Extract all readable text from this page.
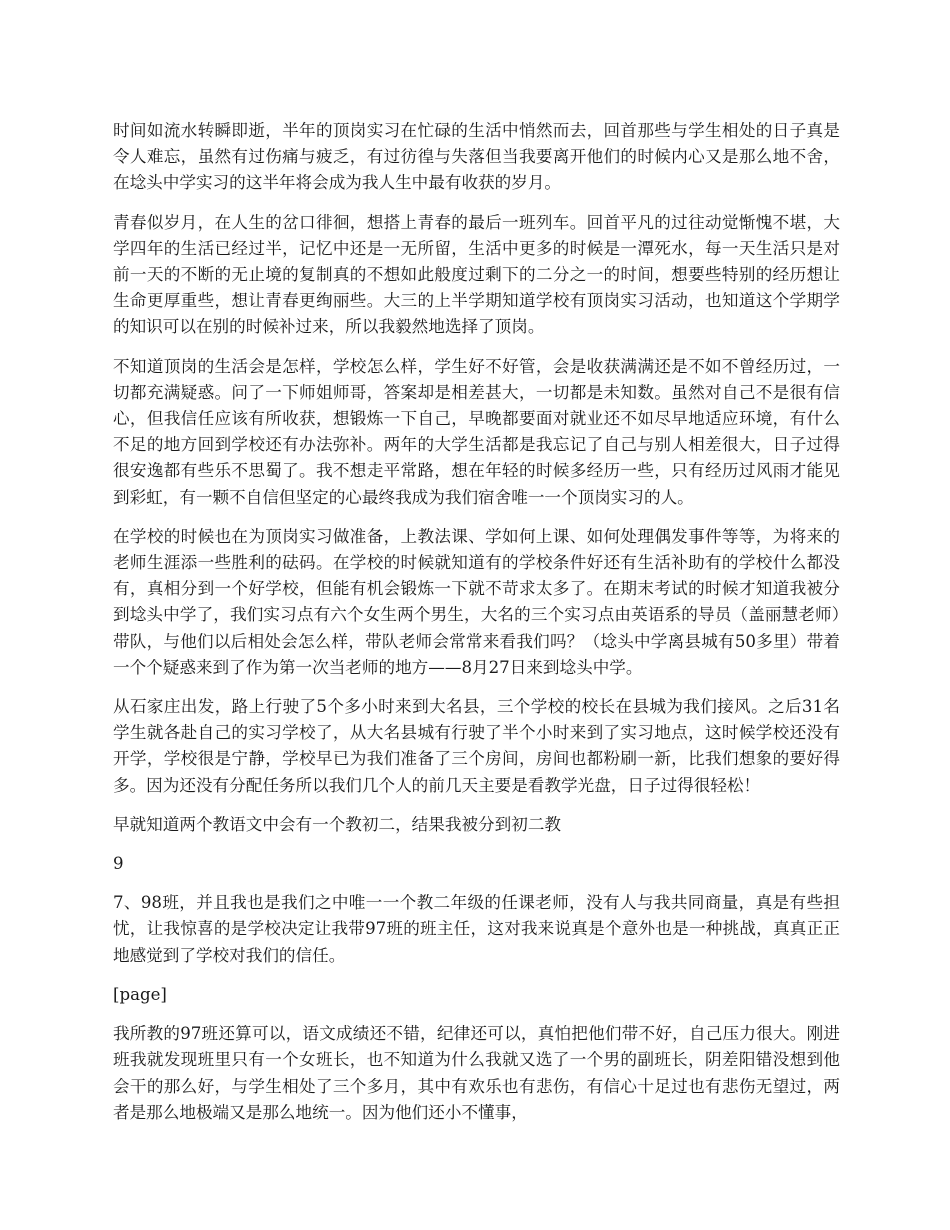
时间如流水转瞬即逝，半年的顶岗实习在忙碌的生活中悄然而去，回首那些与学生相处的日子真是令人难忘，虽然有过伤痛与疲乏，有过彷徨与失落但当我要离开他们的时候内心又是那么地不舍，在埝头中学实习的这半年将会成为我人生中最有收获的岁月。

青春似岁月，在人生的岔口徘徊，想搭上青春的最后一班列车。回首平凡的过往动觉惭愧不堪，大学四年的生活已经过半，记忆中还是一无所留，生活中更多的时候是一潭死水，每一天生活只是对前一天的不断的无止境的复制真的不想如此般度过剩下的二分之一的时间，想要些特别的经历想让生命更厚重些，想让青春更绚丽些。大三的上半学期知道学校有顶岗实习活动，也知道这个学期学的知识可以在别的时候补过来，所以我毅然地选择了顶岗。

不知道顶岗的生活会是怎样，学校怎么样，学生好不好管，会是收获满满还是不如不曾经历过，一切都充满疑惑。问了一下师姐师哥，答案却是相差甚大，一切都是未知数。虽然对自己不是很有信心，但我信任应该有所收获，想锻炼一下自己，早晚都要面对就业还不如尽早地适应环境，有什么不足的地方回到学校还有办法弥补。两年的大学生活都是我忘记了自己与别人相差很大，日子过得很安逸都有些乐不思蜀了。我不想走平常路，想在年轻的时候多经历一些，只有经历过风雨才能见到彩虹，有一颗不自信但坚定的心最终我成为我们宿舍唯一一个顶岗实习的人。

在学校的时候也在为顶岗实习做准备，上教法课、学如何上课、如何处理偶发事件等等，为将来的老师生涯添一些胜利的砝码。在学校的时候就知道有的学校条件好还有生活补助有的学校什么都没有，真相分到一个好学校，但能有机会锻炼一下就不苛求太多了。在期末考试的时候才知道我被分到埝头中学了，我们实习点有六个女生两个男生，大名的三个实习点由英语系的导员（盖丽慧老师）带队，与他们以后相处会怎么样，带队老师会常常来看我们吗？（埝头中学离县城有50多里）带着一个个疑惑来到了作为第一次当老师的地方——8月27日来到埝头中学。

从石家庄出发，路上行驶了5个多小时来到大名县，三个学校的校长在县城为我们接风。之后31名学生就各赴自己的实习学校了，从大名县城有行驶了半个小时来到了实习地点，这时候学校还没有开学，学校很是宁静，学校早已为我们准备了三个房间，房间也都粉刷一新，比我们想象的要好得多。因为还没有分配任务所以我们几个人的前几天主要是看教学光盘，日子过得很轻松！

早就知道两个教语文中会有一个教初二，结果我被分到初二教

9

7、98班，并且我也是我们之中唯一一个教二年级的任课老师，没有人与我共同商量，真是有些担忧，让我惊喜的是学校决定让我带97班的班主任，这对我来说真是个意外也是一种挑战，真真正正地感觉到了学校对我们的信任。

[page]

我所教的97班还算可以，语文成绩还不错，纪律还可以，真怕把他们带不好，自己压力很大。刚进班我就发现班里只有一个女班长，也不知道为什么我就又选了一个男的副班长，阴差阳错没想到他会干的那么好，与学生相处了三个多月，其中有欢乐也有悲伤，有信心十足过也有悲伤无望过，两者是那么地极端又是那么地统一。因为他们还小不懂事，
